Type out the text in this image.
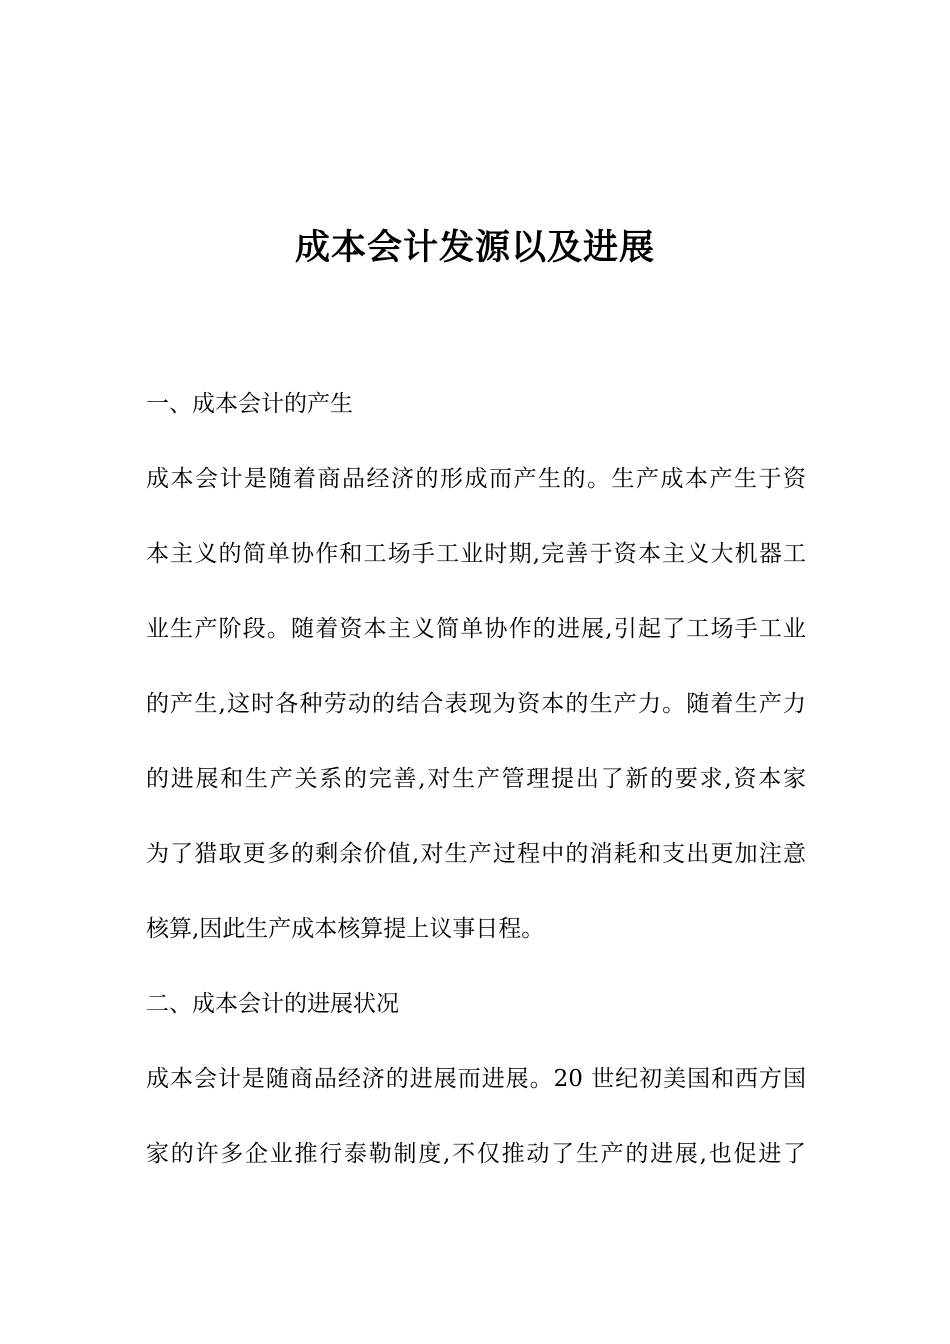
成本会计发源以及进展
一、成本会计的产生
成本会计是随着商品经济的形成而产生的。生产成本产生于资
本主义的简单协作和工场手工业时期,完善于资本主义大机器工
业生产阶段。随着资本主义简单协作的进展,引起了工场手工业
的产生,这时各种劳动的结合表现为资本的生产力。随着生产力
的进展和生产关系的完善,对生产管理提出了新的要求,资本家
为了猎取更多的剩余价值,对生产过程中的消耗和支出更加注意
核算,因此生产成本核算提上议事日程。
二、成本会计的进展状况
成本会计是随商品经济的进展而进展。20 世纪初美国和西方国
家的许多企业推行泰勒制度,不仅推动了生产的进展,也促进了
